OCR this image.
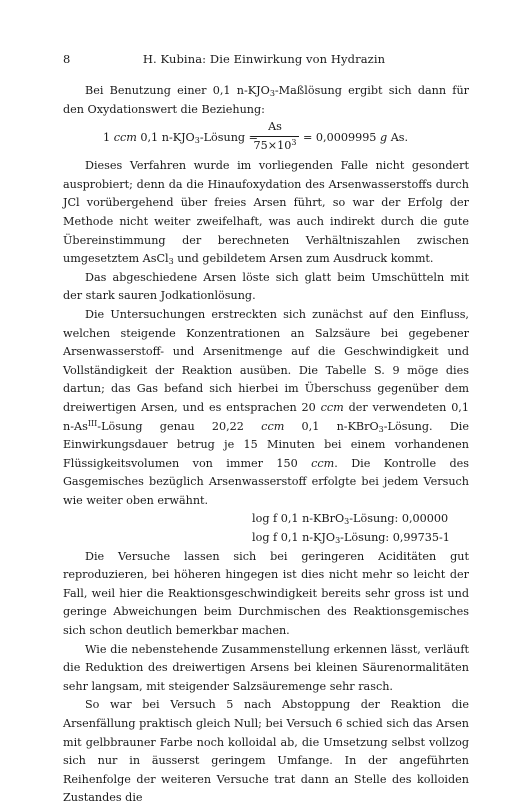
8	H. Kubina: Die Einwirkung von Hydrazin

Bei Benutzung einer 0,1 $n-KJO_3$-Maßlösung ergibt sich dann für den Oxydationswert die Beziehung:

1 ccm 0,1 $n-KJO_3$-Lösung =
As
$75\times 10^3 = 0,0009995$ g As.

Dieses Verfahren wurde im vorliegenden Falle nicht gesondert ausprobiert; denn da die Hinaufoxydation des Arsenwasserstoffs durch JCl vorübergehend über freies Arsen führt, so war der Erfolg der Methode nicht weiter zweifelhaft, was auch indirekt durch die gute Übereinstimmung der berechneten Verhältniszahlen zwischen umgesetztem AsCl$_3$ und gebildetem Arsen zum Ausdruck kommt.

Das abgeschiedene Arsen löste sich glatt beim Umschütteln mit der stark sauren Jodkationlösung.

Die Untersuchungen erstreckten sich zunächst auf den Einfluss, welchen steigende Konzentrationen an Salzsäure bei gegebener Arsenwasserstoff- und Arsenitmenge auf die Geschwindigkeit und Vollständigkeit der Reaktion ausüben. Die Tabelle S. 9 möge dies dartun; das Gas befand sich hierbei im Überschuss gegenüber dem dreiwertigen Arsen, und es entsprachen 20 ccm der verwendeten 0,1 $n-As^{III}$-Lösung genau 20,22 ccm 0,1 n-KBrO$_3$-Lösung. Die Einwirkungsdauer betrug je 15 Minuten bei einem vorhandenen Flüssigkeitsvolumen von immer 150 ccm. Die Kontrolle des Gasgemisches bezüglich Arsenwasserstoff erfolgte bei jedem Versuch wie weiter oben erwähnt.

log f 0,1 n-KBrO$_3$-Lösung: 0,00000

log f 0,1 $n-KJO_3$-Lösung: 0,99735-1

Die Versuche lassen sich bei geringeren Aciditäten gut reproduzieren, bei höheren hingegen ist dies nicht mehr so leicht der Fall, weil hier die Reaktionsgeschwindigkeit bereits sehr gross ist und geringe Abweichungen beim Durchmischen des Reaktionsgemisches sich schon deutlich bemerkbar machen.

Wie die nebenstehende Zusammenstellung erkennen lässt, verläuft die Reduktion des dreiwertigen Arsens bei kleinen Säurenormalitäten sehr langsam, mit steigender Salzsäuremenge sehr rasch.

So war bei Versuch 5 nach Abstoppung der Reaktion die Arsenfällung praktisch gleich Null; bei Versuch 6 schied sich das Arsen mit gelbbrauner Farbe noch kolloidal ab, die Umsetzung selbst vollzog sich nur in äusserst geringem Umfange. In der angeführten Reihenfolge der weiteren Versuche trat dann an Stelle des kolloiden Zustandes die
